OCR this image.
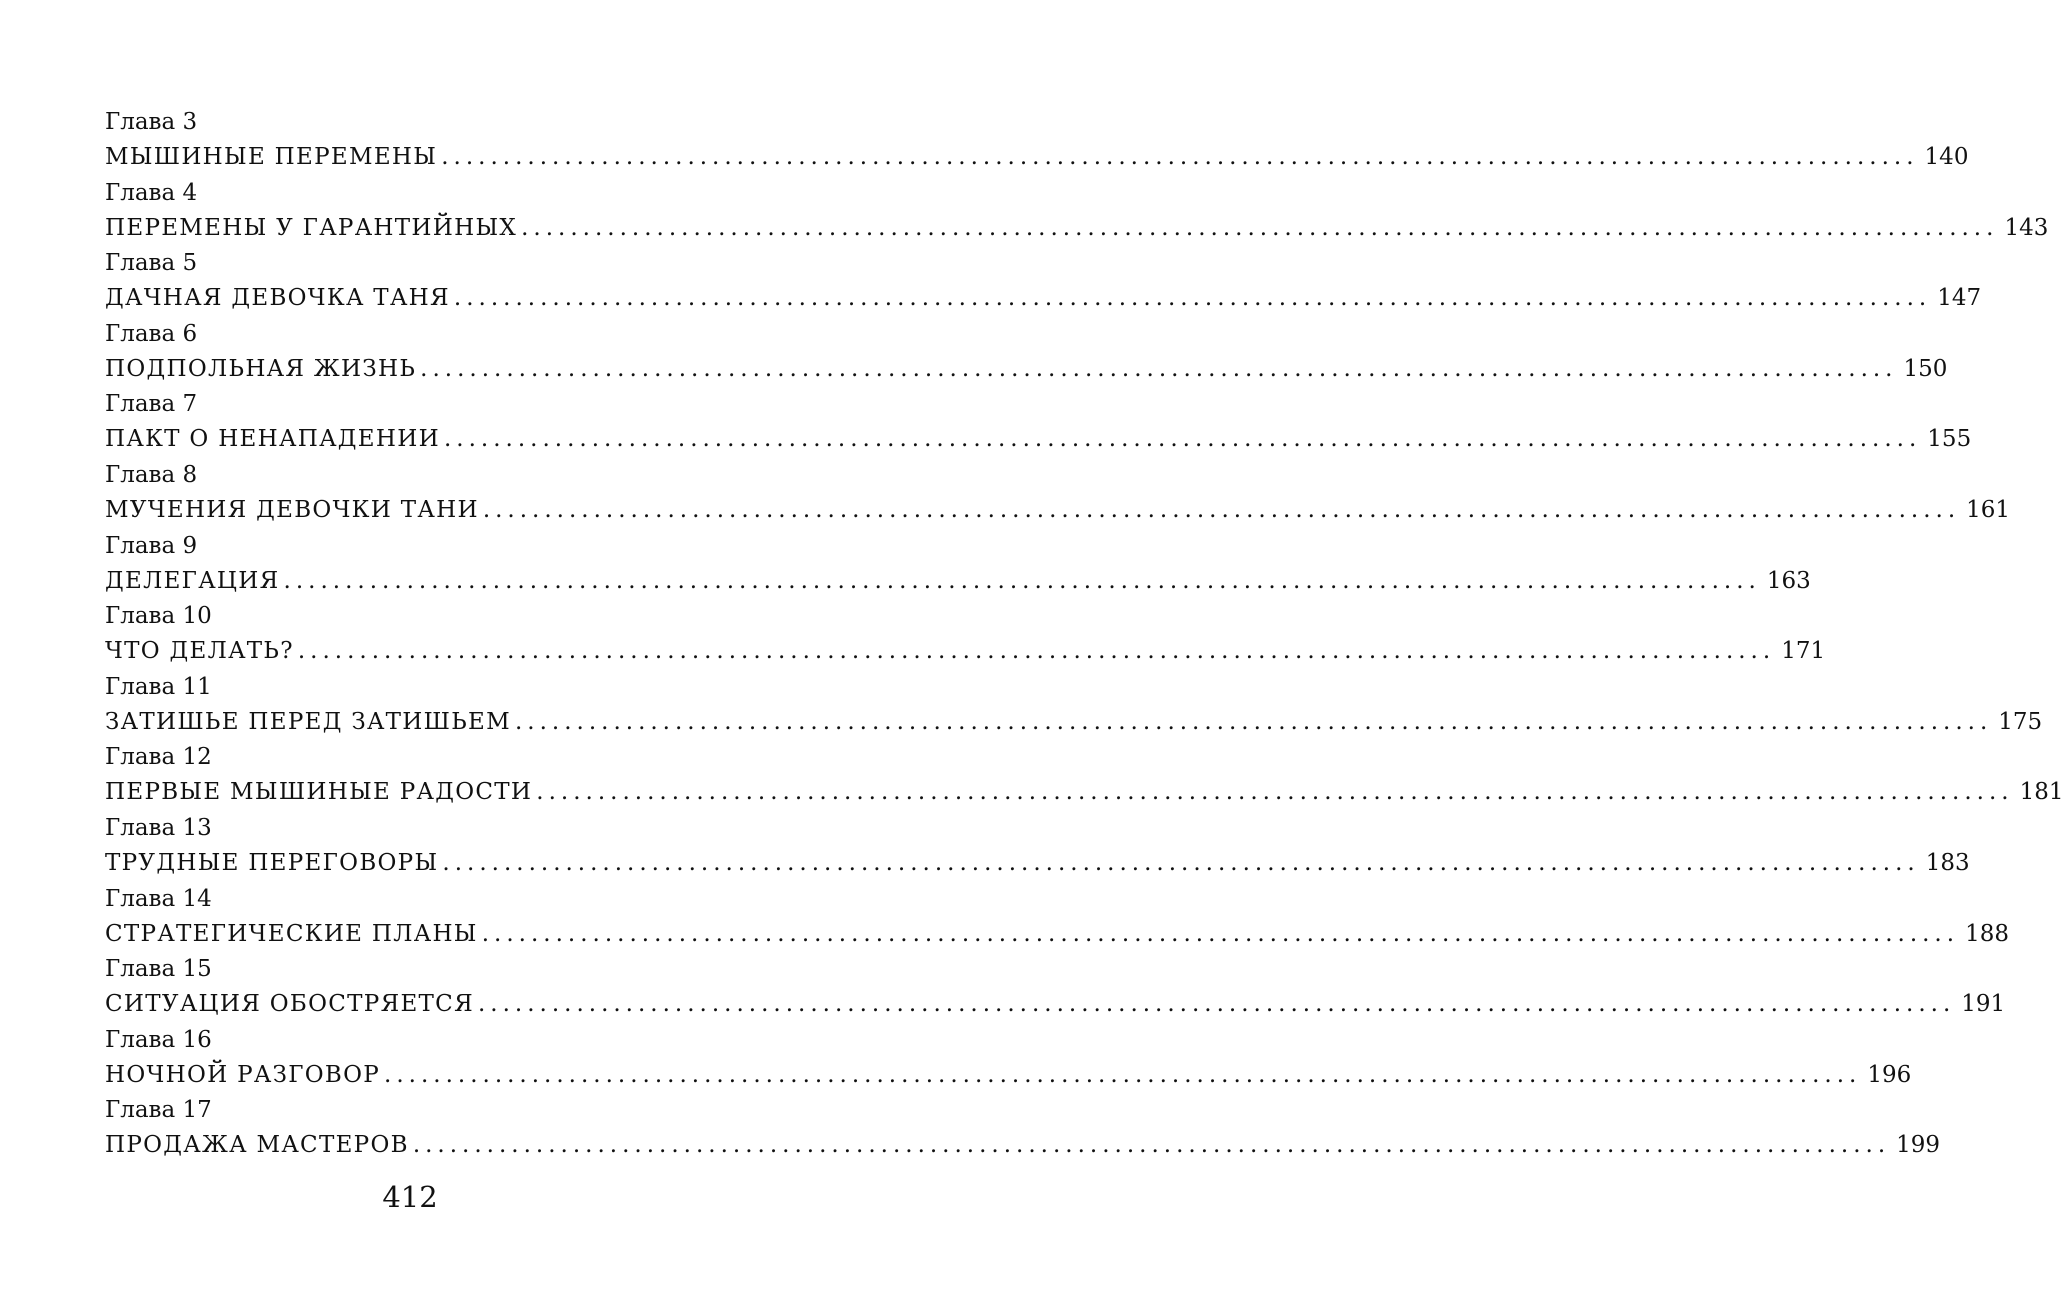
Глава 3
МЫШИНЫЕ ПЕРЕМЕНЫ ........................................................................................................................ 140
Глава 4
ПЕРЕМЕНЫ У ГАРАНТИЙНЫХ ........................................................................................................................ 143
Глава 5
ДАЧНАЯ ДЕВОЧКА ТАНЯ ........................................................................................................................ 147
Глава 6
ПОДПОЛЬНАЯ ЖИЗНЬ ........................................................................................................................ 150
Глава 7
ПАКТ О НЕНАПАДЕНИИ ........................................................................................................................ 155
Глава 8
МУЧЕНИЯ ДЕВОЧКИ ТАНИ ........................................................................................................................ 161
Глава 9
ДЕЛЕГАЦИЯ ........................................................................................................................ 163
Глава 10
ЧТО ДЕЛАТЬ? ........................................................................................................................ 171
Глава 11
ЗАТИШЬЕ ПЕРЕД ЗАТИШЬЕМ ........................................................................................................................ 175
Глава 12
ПЕРВЫЕ МЫШИНЫЕ РАДОСТИ ........................................................................................................................ 181
Глава 13
ТРУДНЫЕ ПЕРЕГОВОРЫ ........................................................................................................................ 183
Глава 14
СТРАТЕГИЧЕСКИЕ ПЛАНЫ ........................................................................................................................ 188
Глава 15
СИТУАЦИЯ ОБОСТРЯЕТСЯ ........................................................................................................................ 191
Глава 16
НОЧНОЙ РАЗГОВОР ........................................................................................................................ 196
Глава 17
ПРОДАЖА МАСТЕРОВ ........................................................................................................................ 199
412
